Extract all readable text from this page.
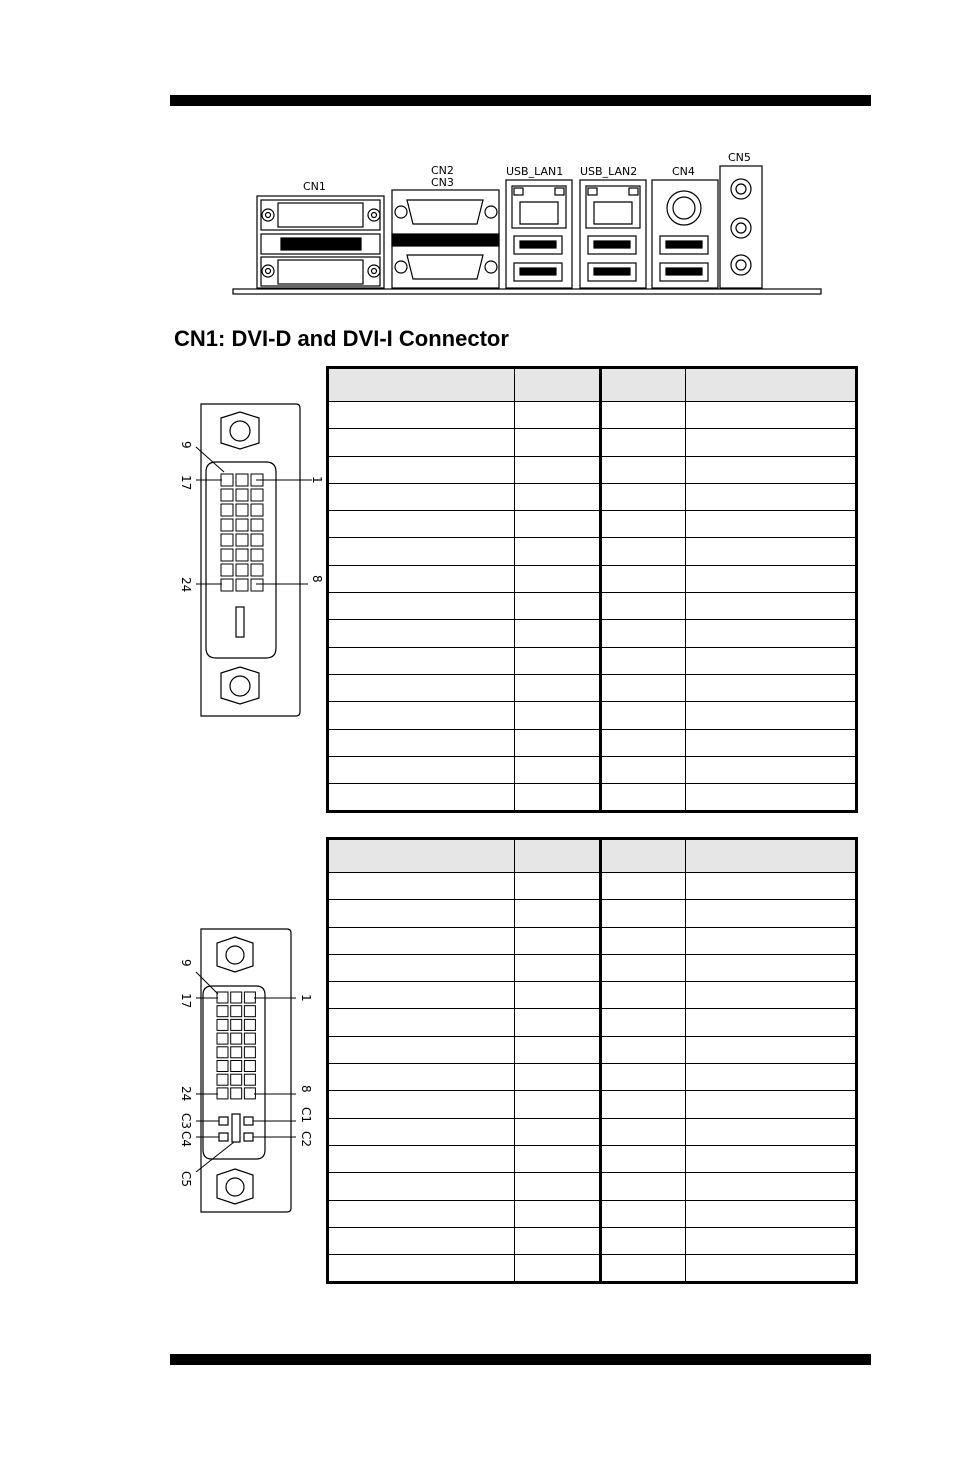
CN1
CN2
CN3
USB_LAN1 USB_LAN2	CN4
CN5
CN1: DVI-D and DVI-I Connector
9
17
24
1
8
9
17
24
C3
C4
C5
1
8
C1
C2
